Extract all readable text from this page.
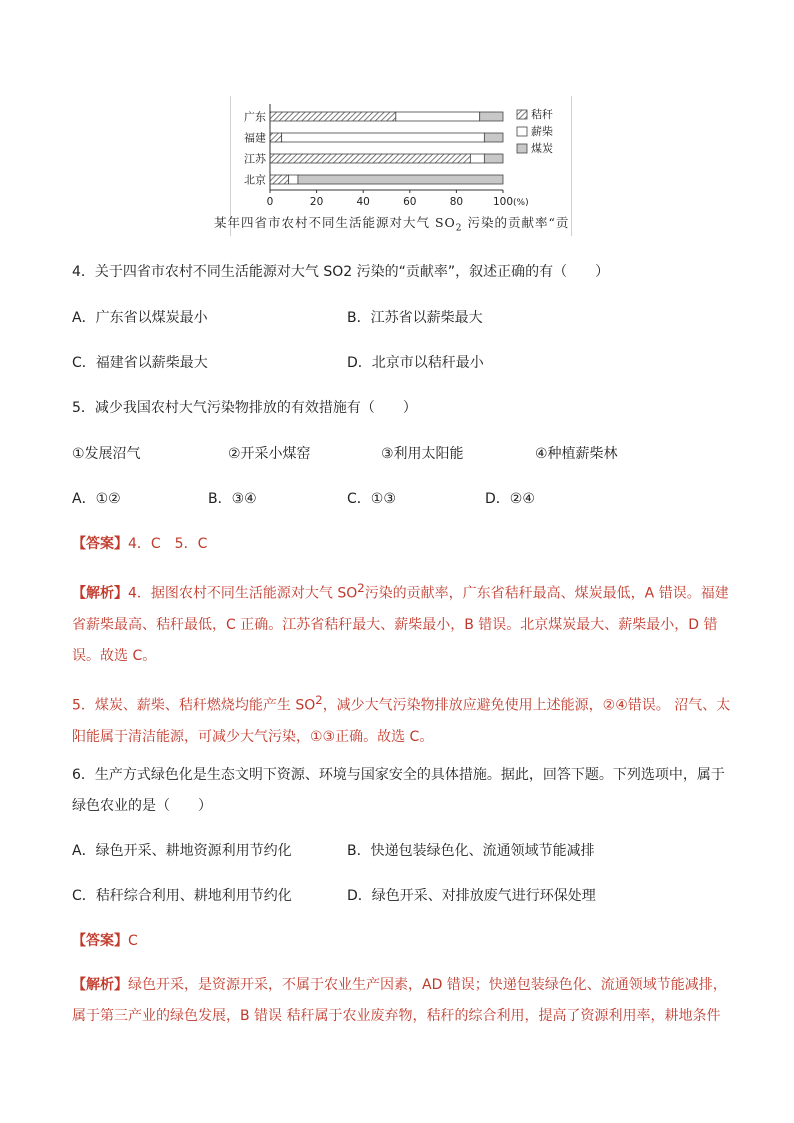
广东
福建
江苏
北京
0	20	40	60	80	100 (%)
秸秆
薪柴
煤炭
某年四省市农村不同生活能源对大气 $SO_2$ 污染的贡献率“贡
4．关于四省市农村不同生活能源对大气 SO2 污染的“贡献率”，叙述正确的有（　　）
A．广东省以煤炭最小	B．江苏省以薪柴最大
C．福建省以薪柴最大	D．北京市以秸秆最小
5．减少我国农村大气污染物排放的有效措施有（　　）
①发展沼气	②开采小煤窑	③利用太阳能	④种植薪柴林
A．①②	B．③④	C．①③	D．②④
【答案】4．C　5．C
【解析】4．据图农村不同生活能源对大气 $SO^2$污染的贡献率，广东省秸秆最高、煤炭最低，A 错误。福建省薪柴最高、秸秆最低，C 正确。江苏省秸秆最大、薪柴最小，B 错误。北京煤炭最大、薪柴最小，D 错误。故选 C。
5．煤炭、薪柴、秸秆燃烧均能产生 $SO^2$，减少大气污染物排放应避免使用上述能源，②④错误。 沼气、太阳能属于清洁能源，可减少大气污染，①③正确。故选 C。
6．生产方式绿色化是生态文明下资源、环境与国家安全的具体措施。据此，回答下题。下列选项中，属于绿色农业的是（　　）
A．绿色开采、耕地资源利用节约化	B．快递包装绿色化、流通领域节能减排
C．秸秆综合利用、耕地利用节约化	D．绿色开采、对排放废气进行环保处理
【答案】C
【解析】绿色开采，是资源开采，不属于农业生产因素，AD 错误；快递包装绿色化、流通领域节能减排，属于第三产业的绿色发展，B 错误 秸秆属于农业废弃物，秸秆的综合利用，提高了资源利用率，耕地条件
